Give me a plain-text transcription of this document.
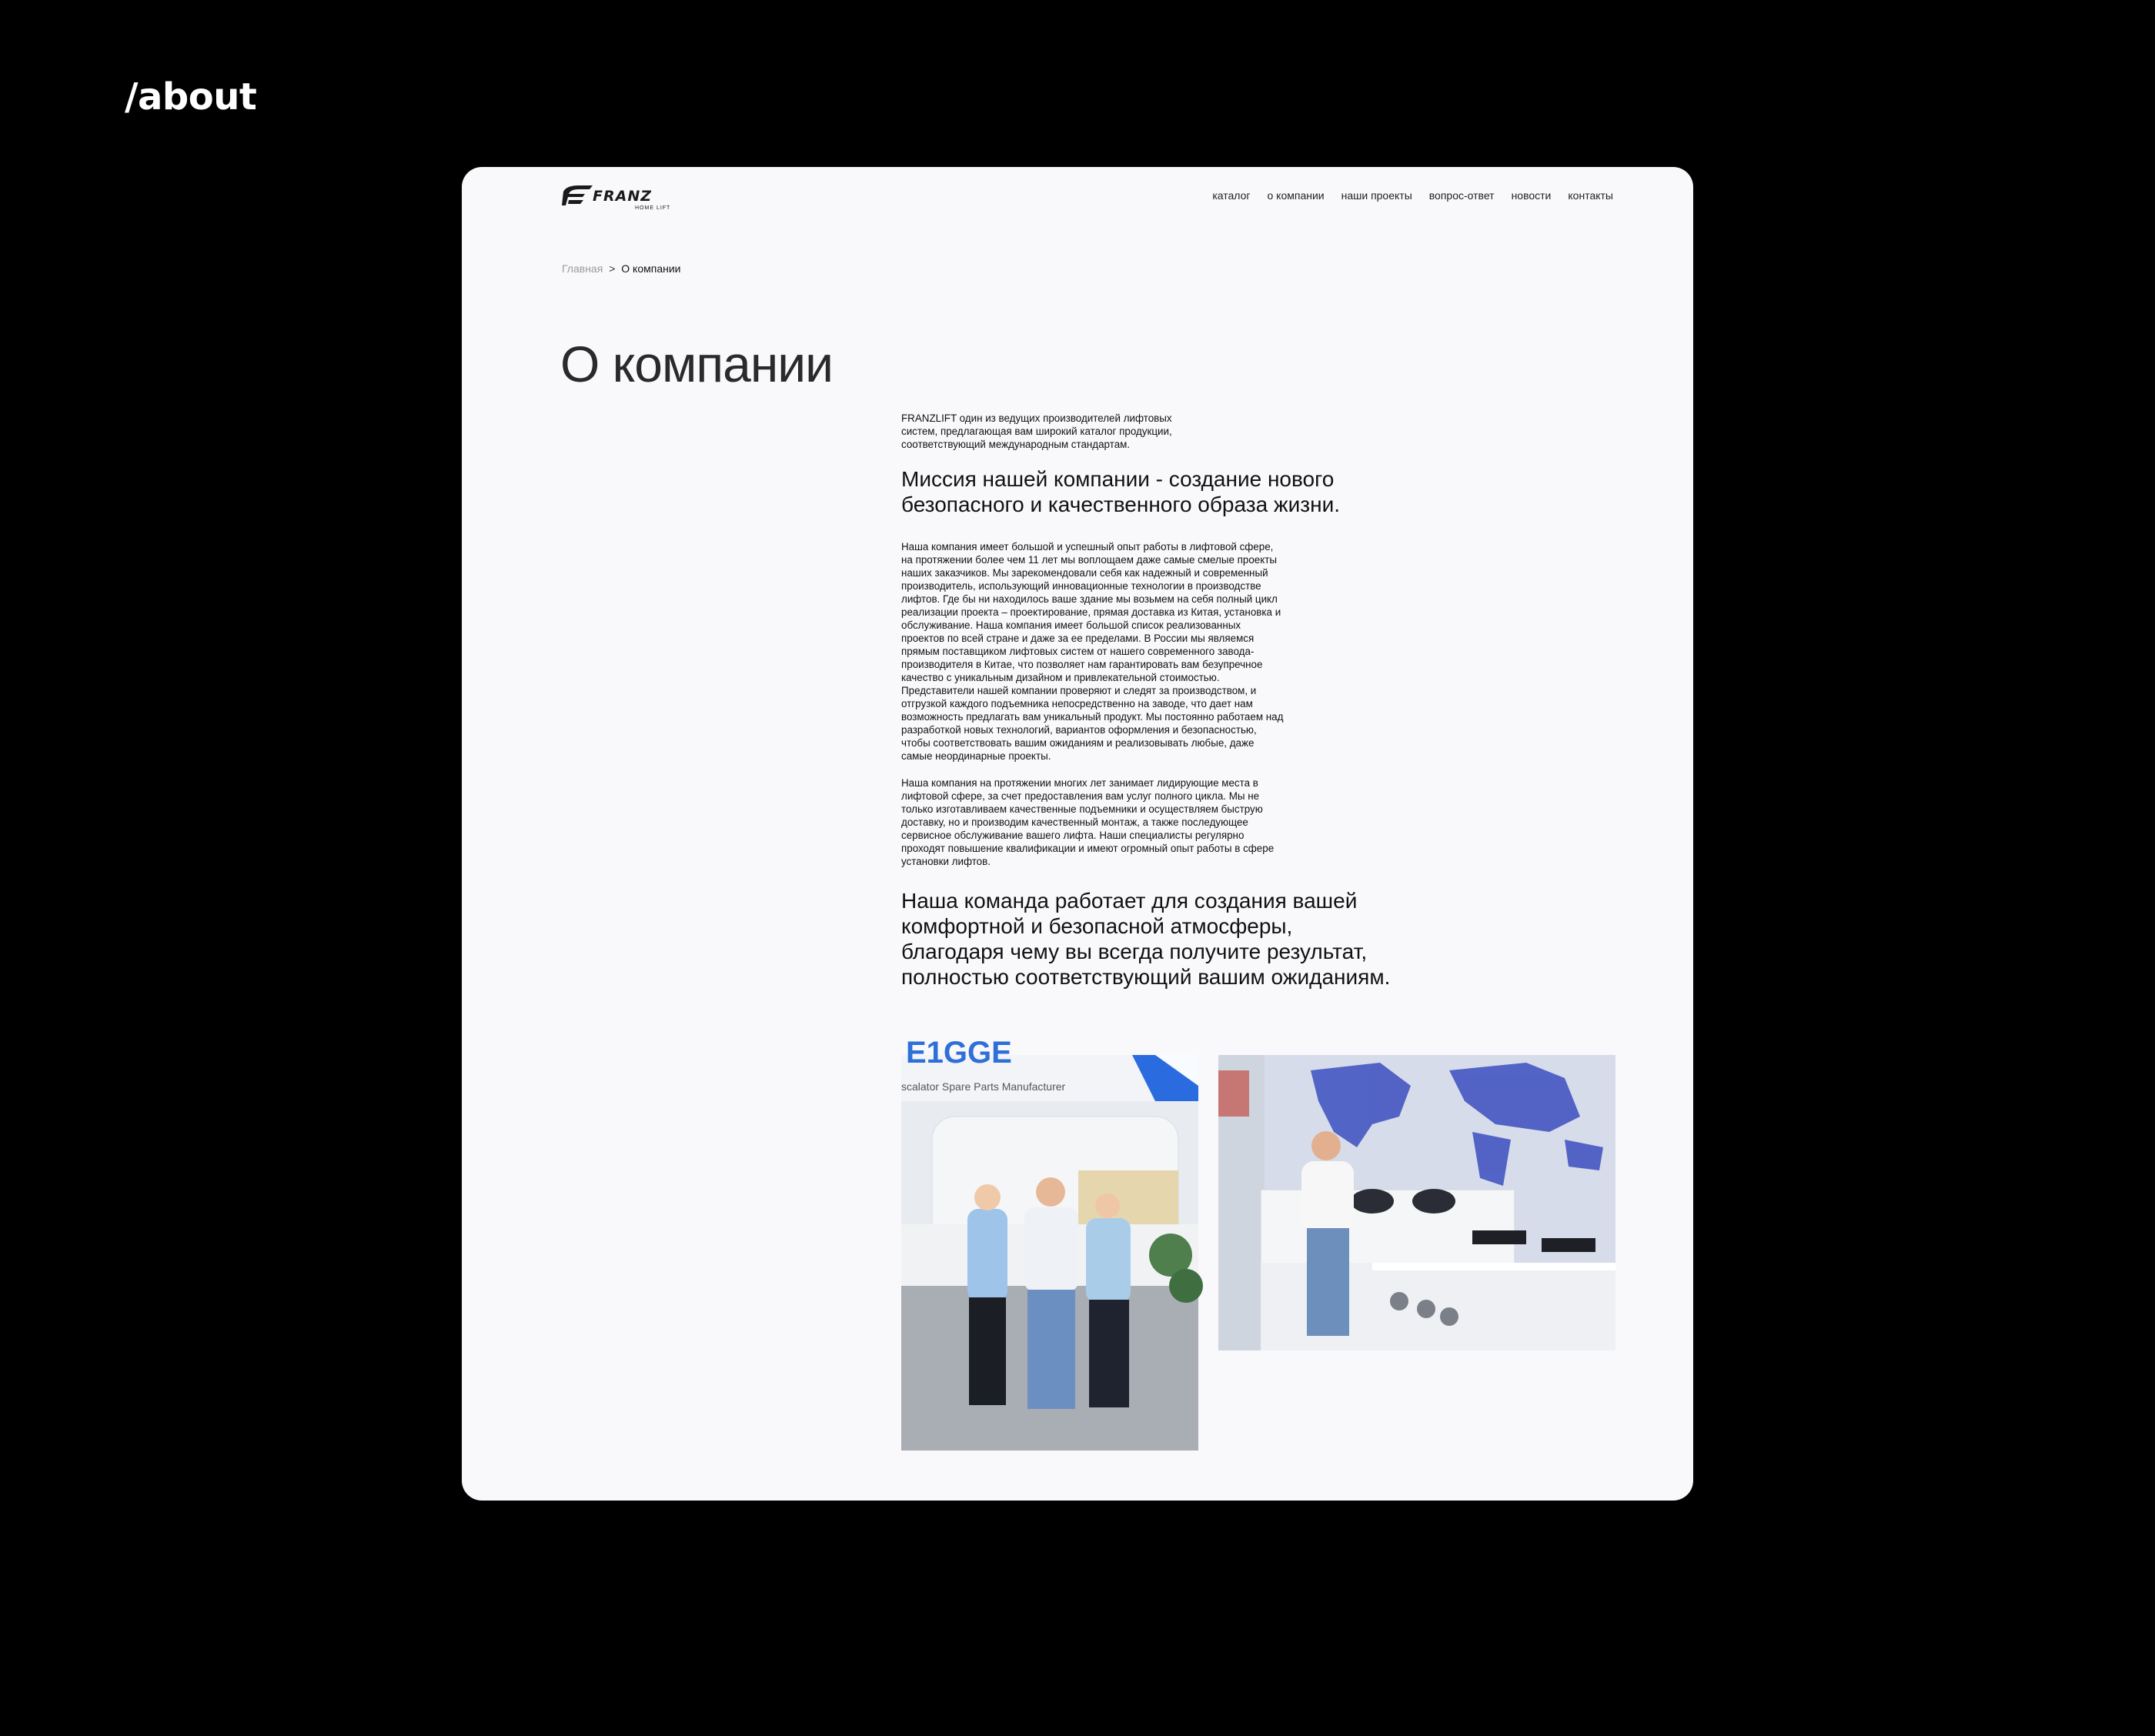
/about
FRANZ
HOME LIFT
каталог о компании наши проекты вопрос-ответ новости контакты
Главная > О компании
О компании

FRANZLIFT один из ведущих производителей лифтовых систем, предлагающая вам широкий каталог продукции, соответствующий международным стандартам.

Миссия нашей компании - создание нового безопасного и качественного образа жизни.

Наша компания имеет большой и успешный опыт работы в лифтовой сфере, на протяжении более чем 11 лет мы воплощаем даже самые смелые проекты наших заказчиков. Мы зарекомендовали себя как надежный и современный производитель, использующий инновационные технологии в производстве лифтов. Где бы ни находилось ваше здание мы возьмем на себя полный цикл реализации проекта – проектирование, прямая доставка из Китая, установка и обслуживание. Наша компания имеет большой список реализованных проектов по всей стране и даже за ее пределами. В России мы являемся прямым поставщиком лифтовых систем от нашего современного завода-производителя в Китае, что позволяет нам гарантировать вам безупречное качество с уникальным дизайном и привлекательной стоимостью. Представители нашей компании проверяют и следят за производством, и отгрузкой каждого подъемника непосредственно на заводе, что дает нам возможность предлагать вам уникальный продукт. Мы постоянно работаем над разработкой новых технологий, вариантов оформления и безопасностью, чтобы соответствовать вашим ожиданиям и реализовывать любые, даже самые неординарные проекты.

Наша компания на протяжении многих лет занимает лидирующие места в лифтовой сфере, за счет предоставления вам услуг полного цикла. Мы не только изготавливаем качественные подъемники и осуществляем быструю доставку, но и производим качественный монтаж, а также последующее сервисное обслуживание вашего лифта. Наши специалисты регулярно проходят повышение квалификации и имеют огромный опыт работы в сфере установки лифтов.

Наша команда работает для создания вашей комфортной и безопасной атмосферы, благодаря чему вы всегда получите результат, полностью соответствующий вашим ожиданиям.

E1GGE
scalator Spare Parts Manufacturer
